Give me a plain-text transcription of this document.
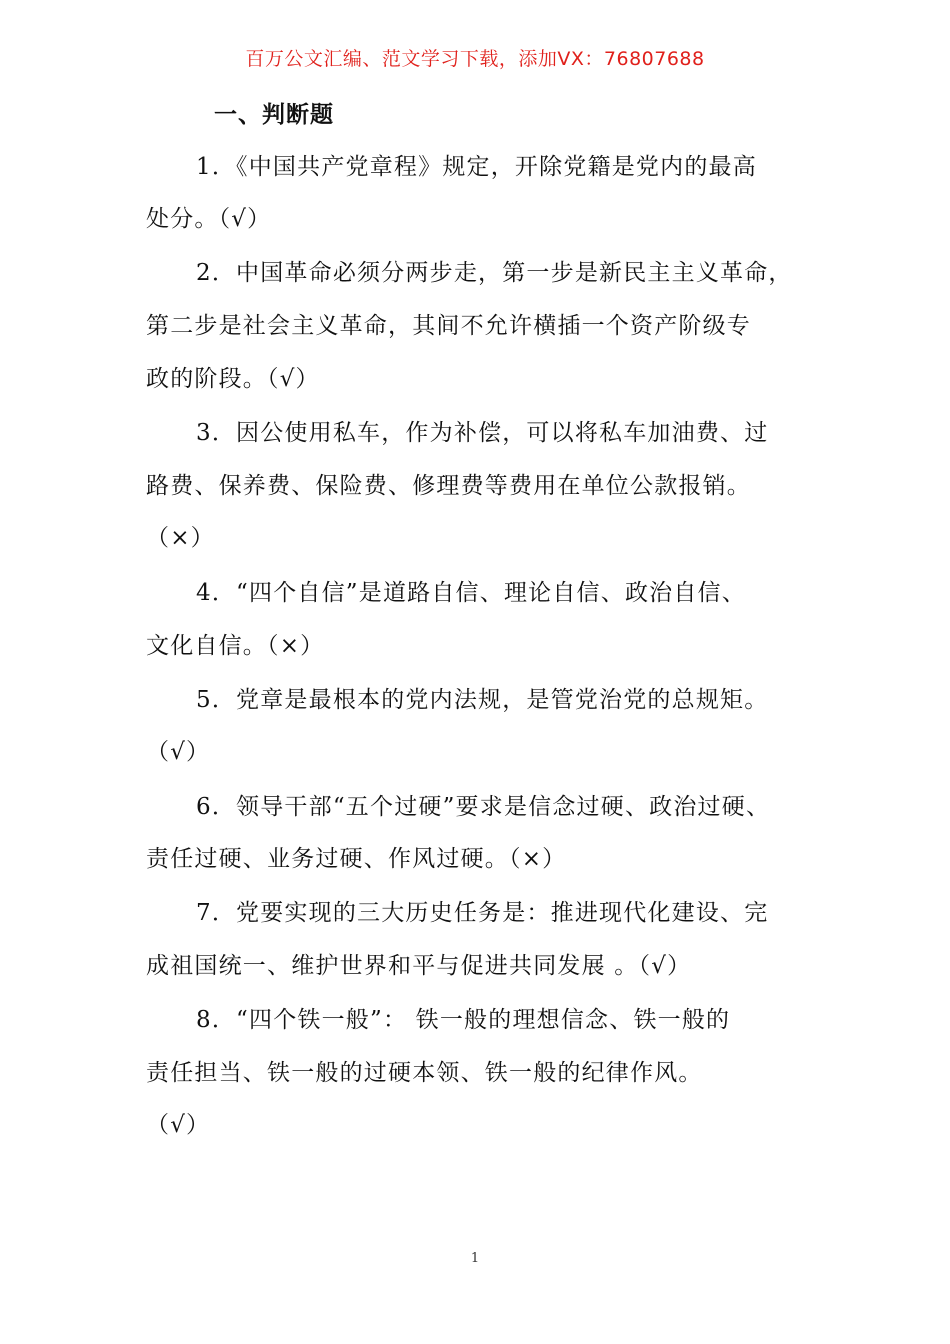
百万公文汇编、范文学习下载，添加VX：76807688
一、判断题
1．《中国共产党章程》规定，开除党籍是党内的最高
处分。（√）
2．中国革命必须分两步走，第一步是新民主主义革命，
第二步是社会主义革命，其间不允许横插一个资产阶级专
政的阶段。（√）
3．因公使用私车，作为补偿，可以将私车加油费、过
路费、保养费、保险费、修理费等费用在单位公款报销。
（×）
4．“四个自信”是道路自信、理论自信、政治自信、
文化自信。（×）
5．党章是最根本的党内法规，是管党治党的总规矩。
（√）
6．领导干部“五个过硬”要求是信念过硬、政治过硬、
责任过硬、业务过硬、作风过硬。（×）
7．党要实现的三大历史任务是：推进现代化建设、完
成祖国统一、维护世界和平与促进共同发展 。（√）
8．“四个铁一般”： 铁一般的理想信念、铁一般的
责任担当、铁一般的过硬本领、铁一般的纪律作风。
（√）
1
